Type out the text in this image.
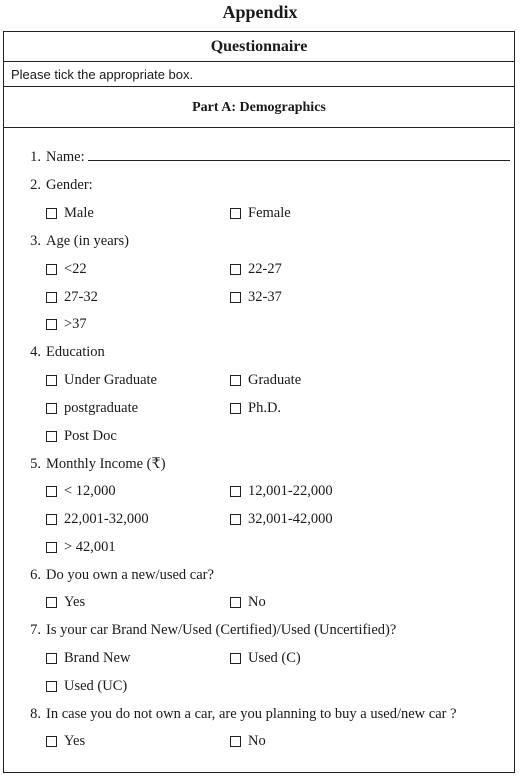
Appendix
Questionnaire
Please tick the appropriate box.
Part A: Demographics
1. Name:
2. Gender:
Male	Female
3. Age (in years)
<22	22-27
27-32	32-37
>37
4. Education
Under Graduate	Graduate
postgraduate	Ph.D.
Post Doc
5. Monthly Income (₹)
< 12,000	12,001-22,000
22,001-32,000	32,001-42,000
> 42,001
6. Do you own a new/used car?
Yes	No
7. Is your car Brand New/Used (Certified)/Used (Uncertified)?
Brand New	Used (C)
Used (UC)
8. In case you do not own a car, are you planning to buy a used/new car ?
Yes	No
